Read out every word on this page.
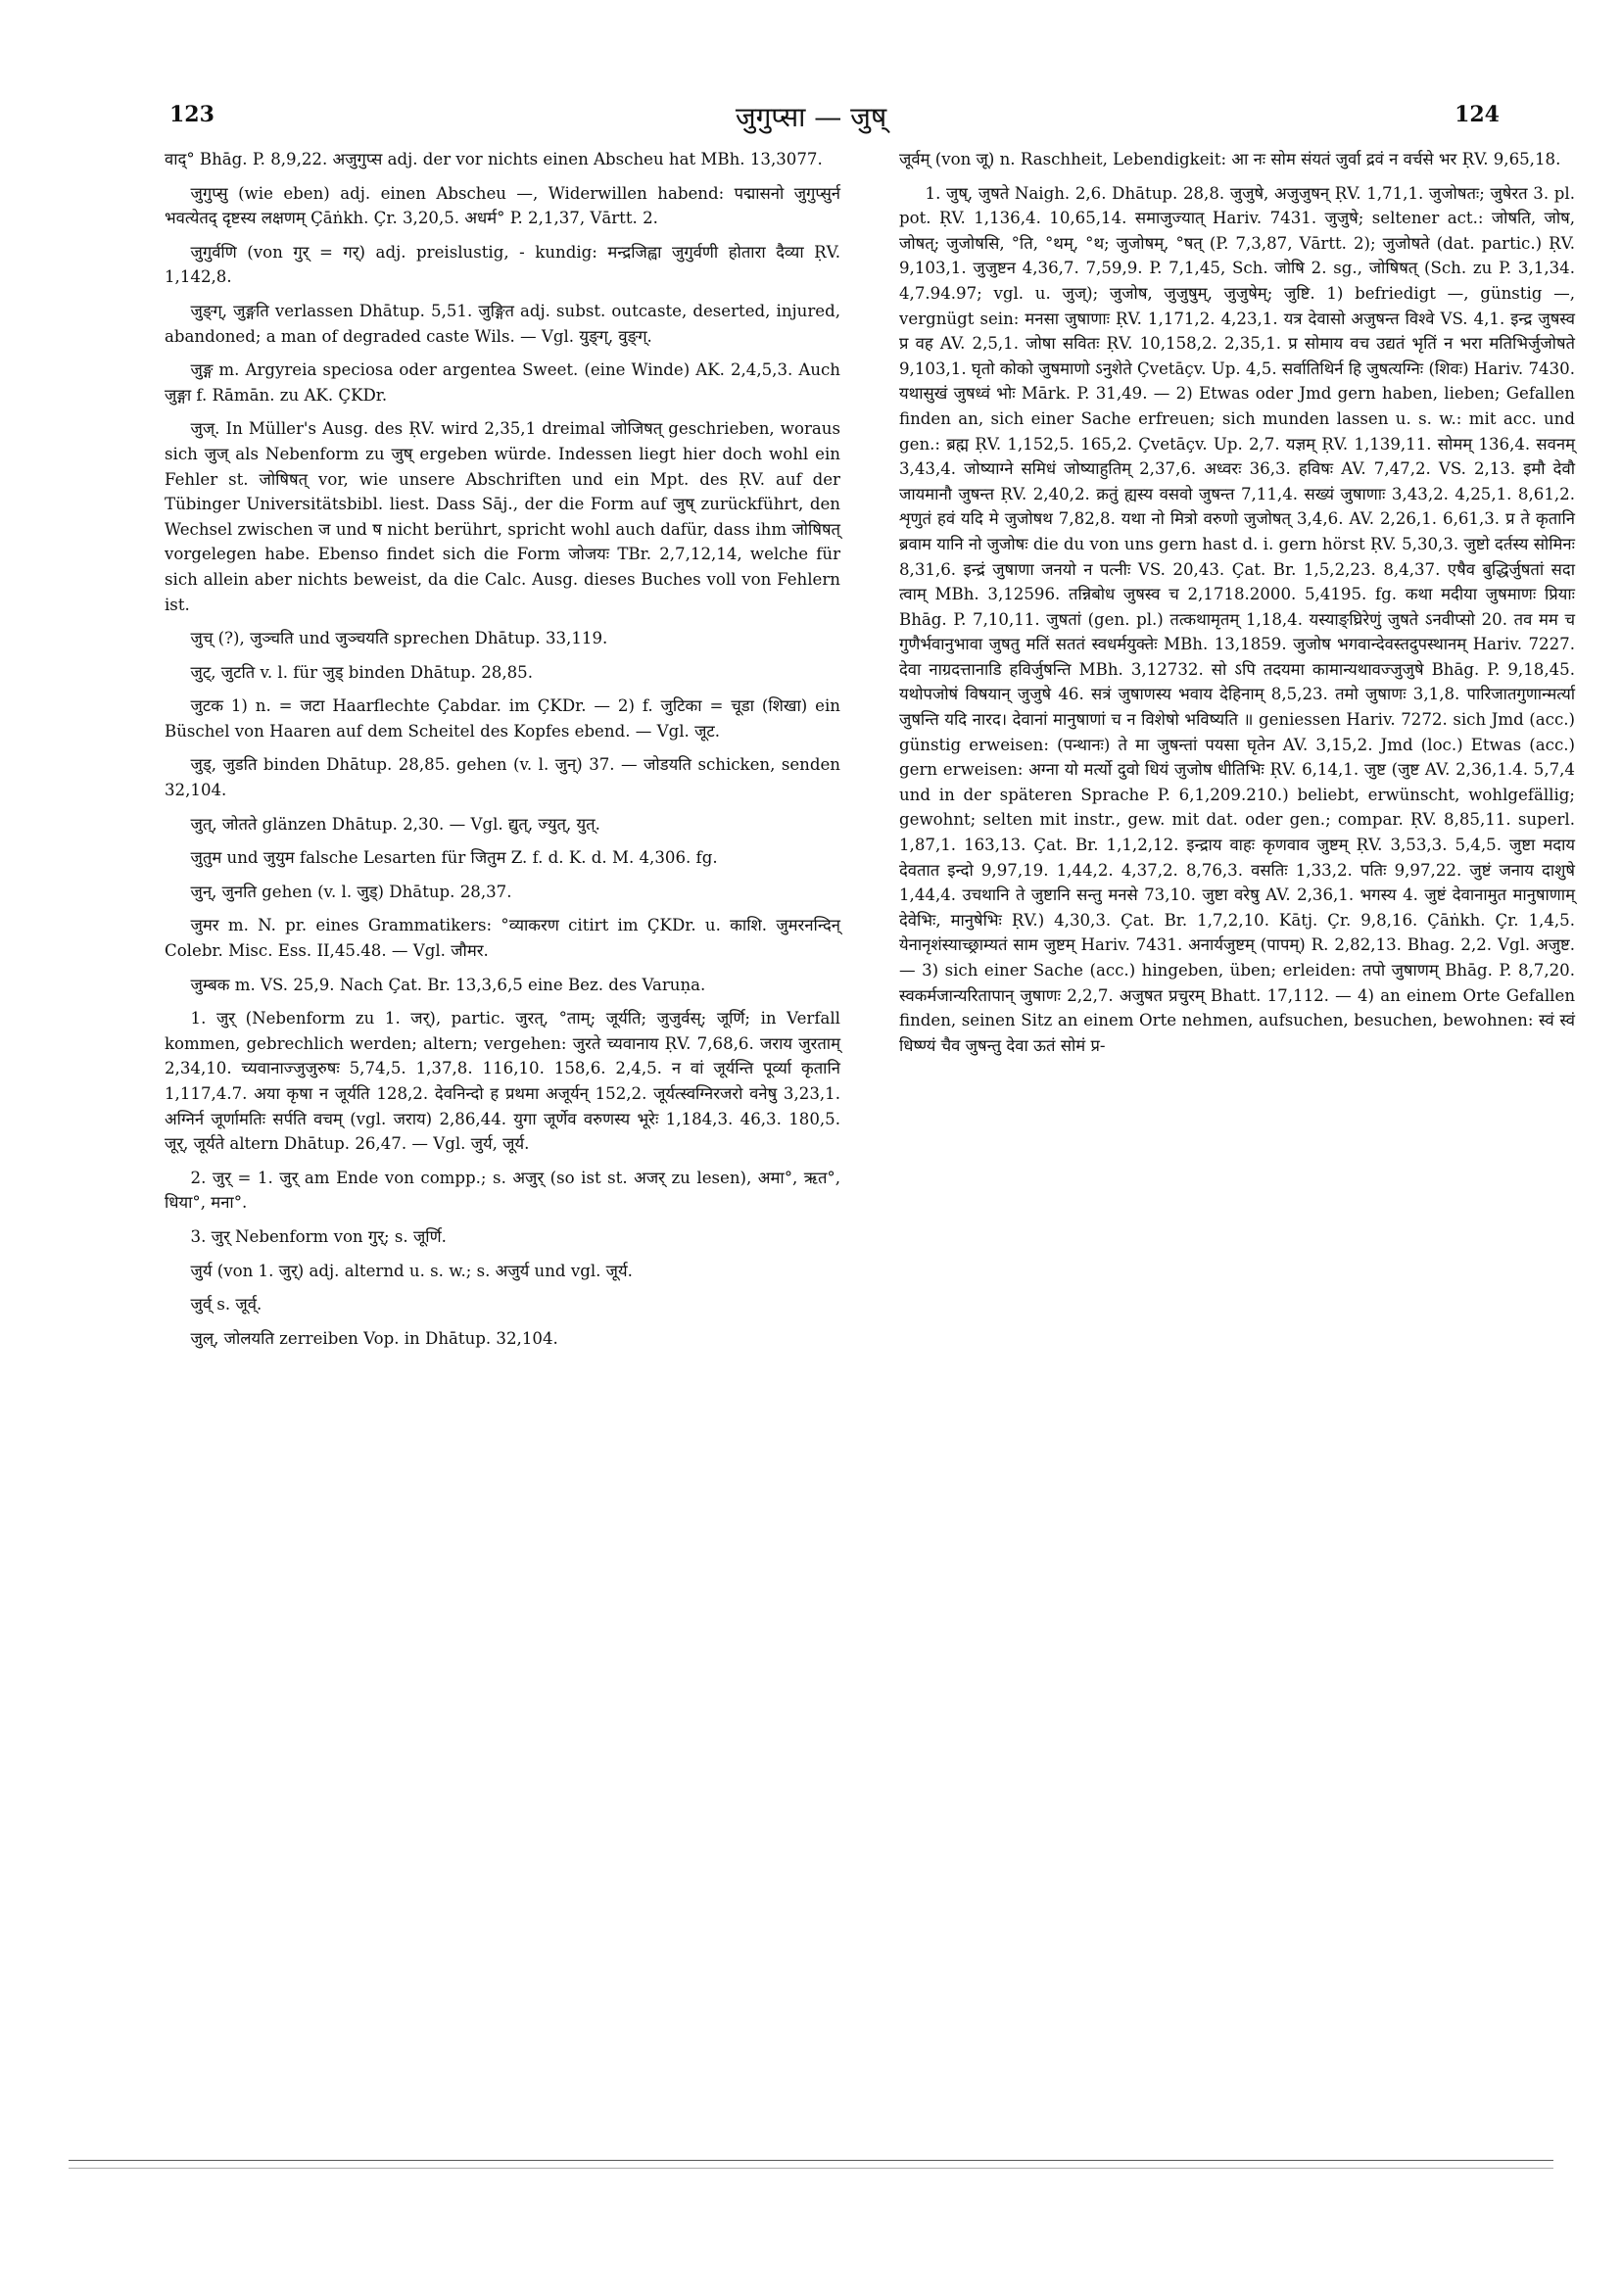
123	जुगुप्सा — जुष्	124

वाद्° Bhāg. P. 8,9,22. अजुगुप्स adj. der vor nichts einen Abscheu hat MBh. 13,3077.

जुगुप्सु (wie eben) adj. einen Abscheu —, Widerwillen habend: पद्मासनो जुगुप्सुर्न भवत्येतद् दृष्टस्य लक्षणम् Çāṅkh. Çr. 3,20,5. अधर्म° P. 2,1,37, Vārtt. 2.

जुगुर्वणि (von गुर् = गर्) adj. preislustig, - kundig: मन्द्रजिह्वा जुगुर्वणी होतारा दैव्या ṚV. 1,142,8.

जुङ्ग्, जुङ्गति verlassen Dhātup. 5,51. जुङ्गित adj. subst. outcaste, deserted, injured, abandoned; a man of degraded caste Wils. — Vgl. युङ्ग्, वुङ्ग्.

जुङ्ग m. Argyreia speciosa oder argentea Sweet. (eine Winde) AK. 2,4,5,3. Auch जुङ्गा f. Rāmān. zu AK. ÇKDr.

जुज्. In Müller's Ausg. des ṚV. wird 2,35,1 dreimal जोजिषत् geschrieben, woraus sich जुज् als Nebenform zu जुष् ergeben würde. Indessen liegt hier doch wohl ein Fehler st. जोषिषत् vor, wie unsere Abschriften und ein Mpt. des ṚV. auf der Tübinger Universitätsbibl. liest. Dass Sāj., der die Form auf जुष् zurückführt, den Wechsel zwischen ज und ष nicht berührt, spricht wohl auch dafür, dass ihm जोषिषत् vorgelegen habe. Ebenso findet sich die Form जोजयः TBr. 2,7,12,14, welche für sich allein aber nichts beweist, da die Calc. Ausg. dieses Buches voll von Fehlern ist.

जुच् (?), जुञ्चति und जुञ्चयति sprechen Dhātup. 33,119.

जुट्, जुटति v. l. für जुड् binden Dhātup. 28,85.

जुटक 1) n. = जटा Haarflechte Çabdar. im ÇKDr. — 2) f. जुटिका = चूडा (शिखा) ein Büschel von Haaren auf dem Scheitel des Kopfes ebend. — Vgl. जूट.

जुड्, जुडति binden Dhātup. 28,85. gehen (v. l. जुन्) 37. — जोडयति schicken, senden 32,104.

जुत्, जोतते glänzen Dhātup. 2,30. — Vgl. द्युत्, ज्युत्, युत्.

जुतुम und जुयुम falsche Lesarten für जितुम Z. f. d. K. d. M. 4,306. fg.

जुन्, जुनति gehen (v. l. जुड्) Dhātup. 28,37.

जुमर m. N. pr. eines Grammatikers: °व्याकरण citirt im ÇKDr. u. काशि. जुमरनन्दिन् Colebr. Misc. Ess. II,45.48. — Vgl. जौमर.

जुम्बक m. VS. 25,9. Nach Çat. Br. 13,3,6,5 eine Bez. des Varuṇa.

1. जुर् (Nebenform zu 1. जर्), partic. जुरत्, °ताम्; जूर्यति; जुजुर्वस्; जूर्णि; in Verfall kommen, gebrechlich werden; altern; vergehen: जुरते च्यवानाय ṚV. 7,68,6. जराय जुरताम् 2,34,10. च्यवानाज्जुजुरुषः 5,74,5. 1,37,8. 116,10. 158,6. 2,4,5. न वां जूर्यन्ति पूर्व्या कृतानि 1,117,4.7. अया कृषा न जूर्यति 128,2. देवनिन्दो ह प्रथमा अजूर्यन् 152,2. जूर्यत्स्वग्निरजरो वनेषु 3,23,1. अग्निर्न जूर्णामतिः सर्पति वचम् (vgl. जराय) 2,86,44. युगा जूर्णेव वरुणस्य भूरेः 1,184,3. 46,3. 180,5. जूर्, जूर्यते altern Dhātup. 26,47. — Vgl. जुर्य, जूर्य.

2. जुर् = 1. जुर् am Ende von compp.; s. अजुर् (so ist st. अजर् zu lesen), अमा°, ऋत°, धिया°, मना°.

3. जुर् Nebenform von गुर्; s. जूर्णि.

जुर्य (von 1. जुर्) adj. alternd u. s. w.; s. अजुर्य und vgl. जूर्य.

जुर्व् s. जूर्व्.

जुल्, जोलयति zerreiben Vop. in Dhātup. 32,104.

जूर्वम् (von जू) n. Raschheit, Lebendigkeit: आ नः सोम संयतं जुर्वा द्रवं न वर्चसे भर ṚV. 9,65,18.

1. जुष्, जुषते Naigh. 2,6. Dhātup. 28,8. जुजुषे, अजुजुषन् ṚV. 1,71,1. जुजोषतः; जुषेरत 3. pl. pot. ṚV. 1,136,4. 10,65,14. समाजुज्यात् Hariv. 7431. जुजुषे; seltener act.: जोषति, जोष, जोषत्; जुजोषसि, °ति, °थम्, °थ; जुजोषम्, °षत् (P. 7,3,87, Vārtt. 2); जुजोषते (dat. partic.) ṚV. 9,103,1. जुजुष्टन 4,36,7. 7,59,9. P. 7,1,45, Sch. जोषि 2. sg., जोषिषत् (Sch. zu P. 3,1,34. 4,7.94.97; vgl. u. जुज्); जुजोष, जुजुषुम्, जुजुषेम्; जुष्टि. 1) befriedigt —, günstig —, vergnügt sein: मनसा जुषाणाः ṚV. 1,171,2. 4,23,1. यत्र देवासो अजुषन्त विश्वे VS. 4,1. इन्द्र जुषस्व प्र वह AV. 2,5,1. जोषा सवितः ṚV. 10,158,2. 2,35,1. प्र सोमाय वच उद्यतं भृतिं न भरा मतिभिर्जुजोषते 9,103,1. घृतो कोको जुषमाणो ऽनुशेते Çvetāçv. Up. 4,5. सर्वातिथिर्न हि जुषत्यग्निः (शिवः) Hariv. 7430. यथासुखं जुषध्वं भोः Mārk. P. 31,49. — 2) Etwas oder Jmd gern haben, lieben; Gefallen finden an, sich einer Sache erfreuen; sich munden lassen u. s. w.: mit acc. und gen.: ब्रह्म ṚV. 1,152,5. 165,2. Çvetāçv. Up. 2,7. यज्ञम् ṚV. 1,139,11. सोमम् 136,4. सवनम् 3,43,4. जोष्याग्ने समिधं जोष्याहुतिम् 2,37,6. अध्वरः 36,3. हविषः AV. 7,47,2. VS. 2,13. इमौ देवौ जायमानौ जुषन्त ṚV. 2,40,2. क्रतुं ह्यस्य वसवो जुषन्त 7,11,4. सख्यं जुषाणाः 3,43,2. 4,25,1. 8,61,2. शृणुतं हवं यदि मे जुजोषथ 7,82,8. यथा नो मित्रो वरुणो जुजोषत् 3,4,6. AV. 2,26,1. 6,61,3. प्र ते कृतानि ब्रवाम यानि नो जुजोषः die du von uns gern hast d. i. gern hörst ṚV. 5,30,3. जुष्टो दर्तस्य सोमिनः 8,31,6. इन्द्रं जुषाणा जनयो न पत्नीः VS. 20,43. Çat. Br. 1,5,2,23. 8,4,37. एषैव बुद्धिर्जुषतां सदा त्वाम् MBh. 3,12596. तन्निबोध जुषस्व च 2,1718.2000. 5,4195. fg. कथा मदीया जुषमाणः प्रियाः Bhāg. P. 7,10,11. जुषतां (gen. pl.) तत्कथामृतम् 1,18,4. यस्याङ्घ्रिरेणुं जुषते ऽनवीप्सो 20. तव मम च गुणैर्भवानुभावा जुषतु मतिं सततं स्वधर्मयुक्तेः MBh. 13,1859. जुजोष भगवान्देवस्तदुपस्थानम् Hariv. 7227. देवा नाग्रदत्तानाडि हविर्जुषन्ति MBh. 3,12732. सो ऽपि तदयमा कामान्यथावज्जुजुषे Bhāg. P. 9,18,45. यथोपजोषं विषयान् जुजुषे 46. सत्रं जुषाणस्य भवाय देहिनाम् 8,5,23. तमो जुषाणः 3,1,8. पारिजातगुणान्मर्त्या जुषन्ति यदि नारद। देवानां मानुषाणां च न विशेषो भविष्यति ॥ geniessen Hariv. 7272. sich Jmd (acc.) günstig erweisen: (पन्थानः) ते मा जुषन्तां पयसा घृतेन AV. 3,15,2. Jmd (loc.) Etwas (acc.) gern erweisen: अग्ना यो मर्त्यो दुवो धियं जुजोष धीतिभिः ṚV. 6,14,1. जुष्ट (जुष्ट AV. 2,36,1.4. 5,7,4 und in der späteren Sprache P. 6,1,209.210.) beliebt, erwünscht, wohlgefällig; gewohnt; selten mit instr., gew. mit dat. oder gen.; compar. ṚV. 8,85,11. superl. 1,87,1. 163,13. Çat. Br. 1,1,2,12. इन्द्राय वाहः कृणवाव जुष्टम् ṚV. 3,53,3. 5,4,5. जुष्टा मदाय देवतात इन्दो 9,97,19. 1,44,2. 4,37,2. 8,76,3. वसतिः 1,33,2. पतिः 9,97,22. जुष्टं जनाय दाशुषे 1,44,4. उचथानि ते जुष्टानि सन्तु मनसे 73,10. जुष्टा वरेषु AV. 2,36,1. भगस्य 4. जुष्टं देवानामुत मानुषाणाम् देवेभिः, मानुषेभिः ṚV.) 4,30,3. Çat. Br. 1,7,2,10. Kātj. Çr. 9,8,16. Çāṅkh. Çr. 1,4,5. येनानृशंस्याच्छ्राम्यतं साम जुष्टम् Hariv. 7431. अनार्यजुष्टम् (पापम्) R. 2,82,13. Bhag. 2,2. Vgl. अजुष्ट. — 3) sich einer Sache (acc.) hingeben, üben; erleiden: तपो जुषाणम् Bhāg. P. 8,7,20. स्वकर्मजान्यरितापान् जुषाणः 2,2,7. अजुषत प्रचुरम् Bhatt. 17,112. — 4) an einem Orte Gefallen finden, seinen Sitz an einem Orte nehmen, aufsuchen, besuchen, bewohnen: स्वं स्वं धिष्ण्यं चैव जुषन्तु देवा ऊतं सोमं प्र-
